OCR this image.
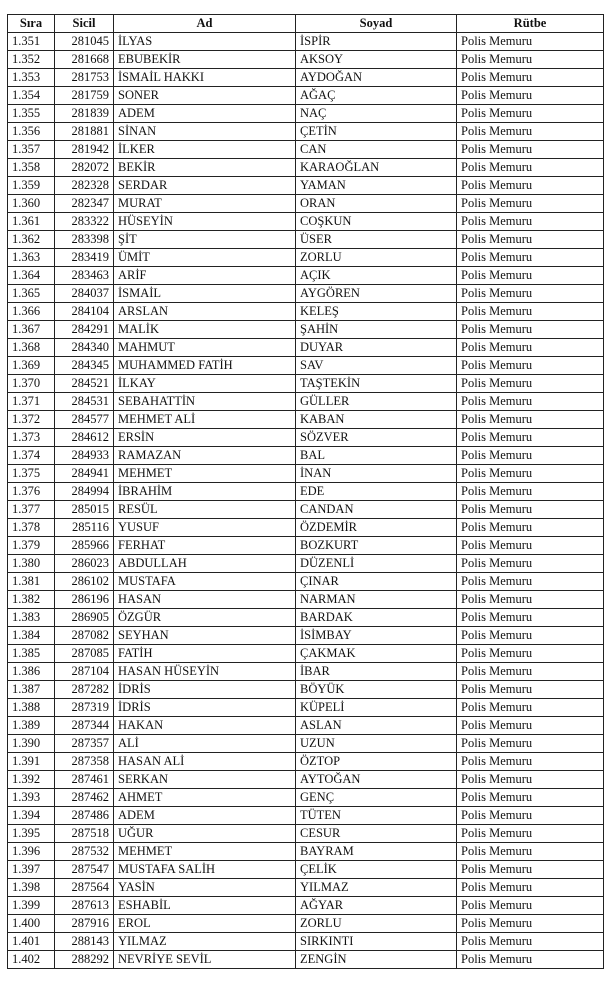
Sıra	Sicil	Ad	Soyad	Rütbe
1.351	281045	İLYAS	İSPİR	Polis Memuru
1.352	281668	EBUBEKİR	AKSOY	Polis Memuru
1.353	281753	İSMAİL HAKKI	AYDOĞAN	Polis Memuru
1.354	281759	SONER	AĞAÇ	Polis Memuru
1.355	281839	ADEM	NAÇ	Polis Memuru
1.356	281881	SİNAN	ÇETİN	Polis Memuru
1.357	281942	İLKER	CAN	Polis Memuru
1.358	282072	BEKİR	KARAOĞLAN	Polis Memuru
1.359	282328	SERDAR	YAMAN	Polis Memuru
1.360	282347	MURAT	ORAN	Polis Memuru
1.361	283322	HÜSEYİN	COŞKUN	Polis Memuru
1.362	283398	ŞİT	ÜSER	Polis Memuru
1.363	283419	ÜMİT	ZORLU	Polis Memuru
1.364	283463	ARİF	AÇIK	Polis Memuru
1.365	284037	İSMAİL	AYGÖREN	Polis Memuru
1.366	284104	ARSLAN	KELEŞ	Polis Memuru
1.367	284291	MALİK	ŞAHİN	Polis Memuru
1.368	284340	MAHMUT	DUYAR	Polis Memuru
1.369	284345	MUHAMMED FATİH	SAV	Polis Memuru
1.370	284521	İLKAY	TAŞTEKİN	Polis Memuru
1.371	284531	SEBAHATTİN	GÜLLER	Polis Memuru
1.372	284577	MEHMET ALİ	KABAN	Polis Memuru
1.373	284612	ERSİN	SÖZVER	Polis Memuru
1.374	284933	RAMAZAN	BAL	Polis Memuru
1.375	284941	MEHMET	İNAN	Polis Memuru
1.376	284994	İBRAHİM	EDE	Polis Memuru
1.377	285015	RESÜL	CANDAN	Polis Memuru
1.378	285116	YUSUF	ÖZDEMİR	Polis Memuru
1.379	285966	FERHAT	BOZKURT	Polis Memuru
1.380	286023	ABDULLAH	DÜZENLİ	Polis Memuru
1.381	286102	MUSTAFA	ÇINAR	Polis Memuru
1.382	286196	HASAN	NARMAN	Polis Memuru
1.383	286905	ÖZGÜR	BARDAK	Polis Memuru
1.384	287082	SEYHAN	İSİMBAY	Polis Memuru
1.385	287085	FATİH	ÇAKMAK	Polis Memuru
1.386	287104	HASAN HÜSEYİN	İBAR	Polis Memuru
1.387	287282	İDRİS	BÖYÜK	Polis Memuru
1.388	287319	İDRİS	KÜPELİ	Polis Memuru
1.389	287344	HAKAN	ASLAN	Polis Memuru
1.390	287357	ALİ	UZUN	Polis Memuru
1.391	287358	HASAN ALİ	ÖZTOP	Polis Memuru
1.392	287461	SERKAN	AYTOĞAN	Polis Memuru
1.393	287462	AHMET	GENÇ	Polis Memuru
1.394	287486	ADEM	TÜTEN	Polis Memuru
1.395	287518	UĞUR	CESUR	Polis Memuru
1.396	287532	MEHMET	BAYRAM	Polis Memuru
1.397	287547	MUSTAFA SALİH	ÇELİK	Polis Memuru
1.398	287564	YASİN	YILMAZ	Polis Memuru
1.399	287613	ESHABİL	AĞYAR	Polis Memuru
1.400	287916	EROL	ZORLU	Polis Memuru
1.401	288143	YILMAZ	SIRKINTI	Polis Memuru
1.402	288292	NEVRİYE SEVİL	ZENGİN	Polis Memuru
